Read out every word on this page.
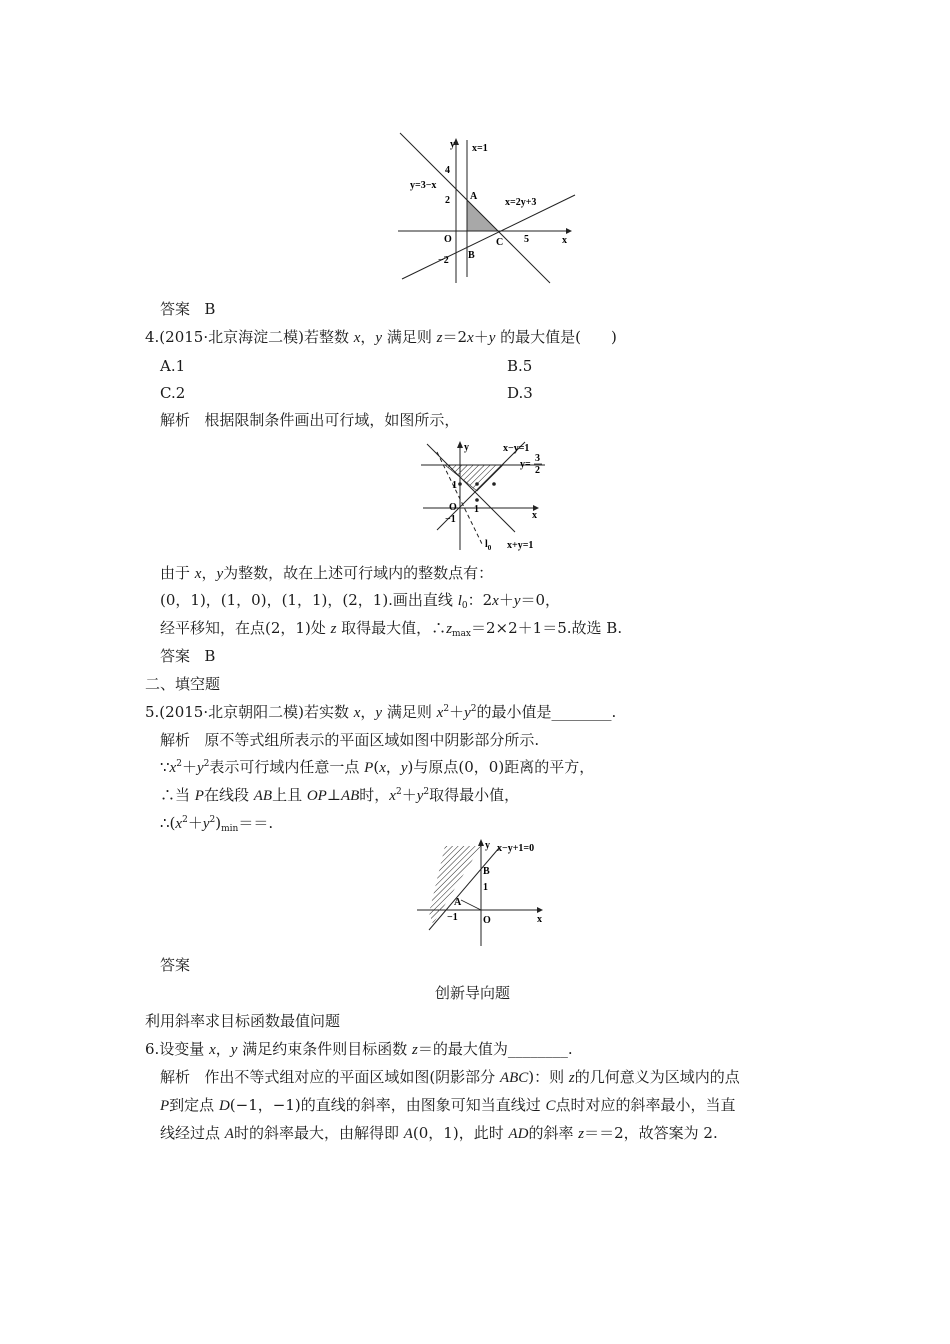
y x=1
4
y=3−x
A
2	x=2y+3
O	C 5	x
B
−2
答案 B
4.(2015·北京海淀二模)若整数 x，y 满足则 z＝2x＋y 的最大值是(　　)
A.1	B.5
C.2	D.3
解析 根据限制条件画出可行域，如图所示，
y	x−y=1
y=
3
2
1
x
O 1
−1
$l_0$ x+y=1
由于 x，y为整数，故在上述可行域内的整数点有：
(0，1)，(1，0)，(1，1)，(2，1).画出直线 $l_0$：2x＋y＝0，
经平移知，在点(2，1)处 z 取得最大值，$\therefore z_{max}=2\times 2+1=5$.故选 B.
答案 B
二、填空题
5.(2015·北京朝阳二模)若实数 x，y 满足则 $x^2+y^2$的最小值是________.
解析 原不等式组所表示的平面区域如图中阴影部分所示.
$\because x^2+y^2$表示可行域内任意一点 P(x，y)与原点(0，0)距离的平方，
∴当 P在线段 AB上且 OP⊥AB时，$x^2+y^2$取得最小值，
$\therefore(x^2+y^2)_{min}==$.
y x−y+1=0
B
1
A
−1	O	x
答案
创新导向题
利用斜率求目标函数最值问题
6.设变量 x，y 满足约束条件则目标函数 z＝的最大值为________.
解析 作出不等式组对应的平面区域如图(阴影部分 ABC)：则 z的几何意义为区域内的点
P到定点 D(−1，−1)的直线的斜率，由图象可知当直线过 C点时对应的斜率最小，当直
线经过点 A时的斜率最大，由解得即 A(0，1)，此时 AD的斜率 z＝＝2，故答案为 2.
